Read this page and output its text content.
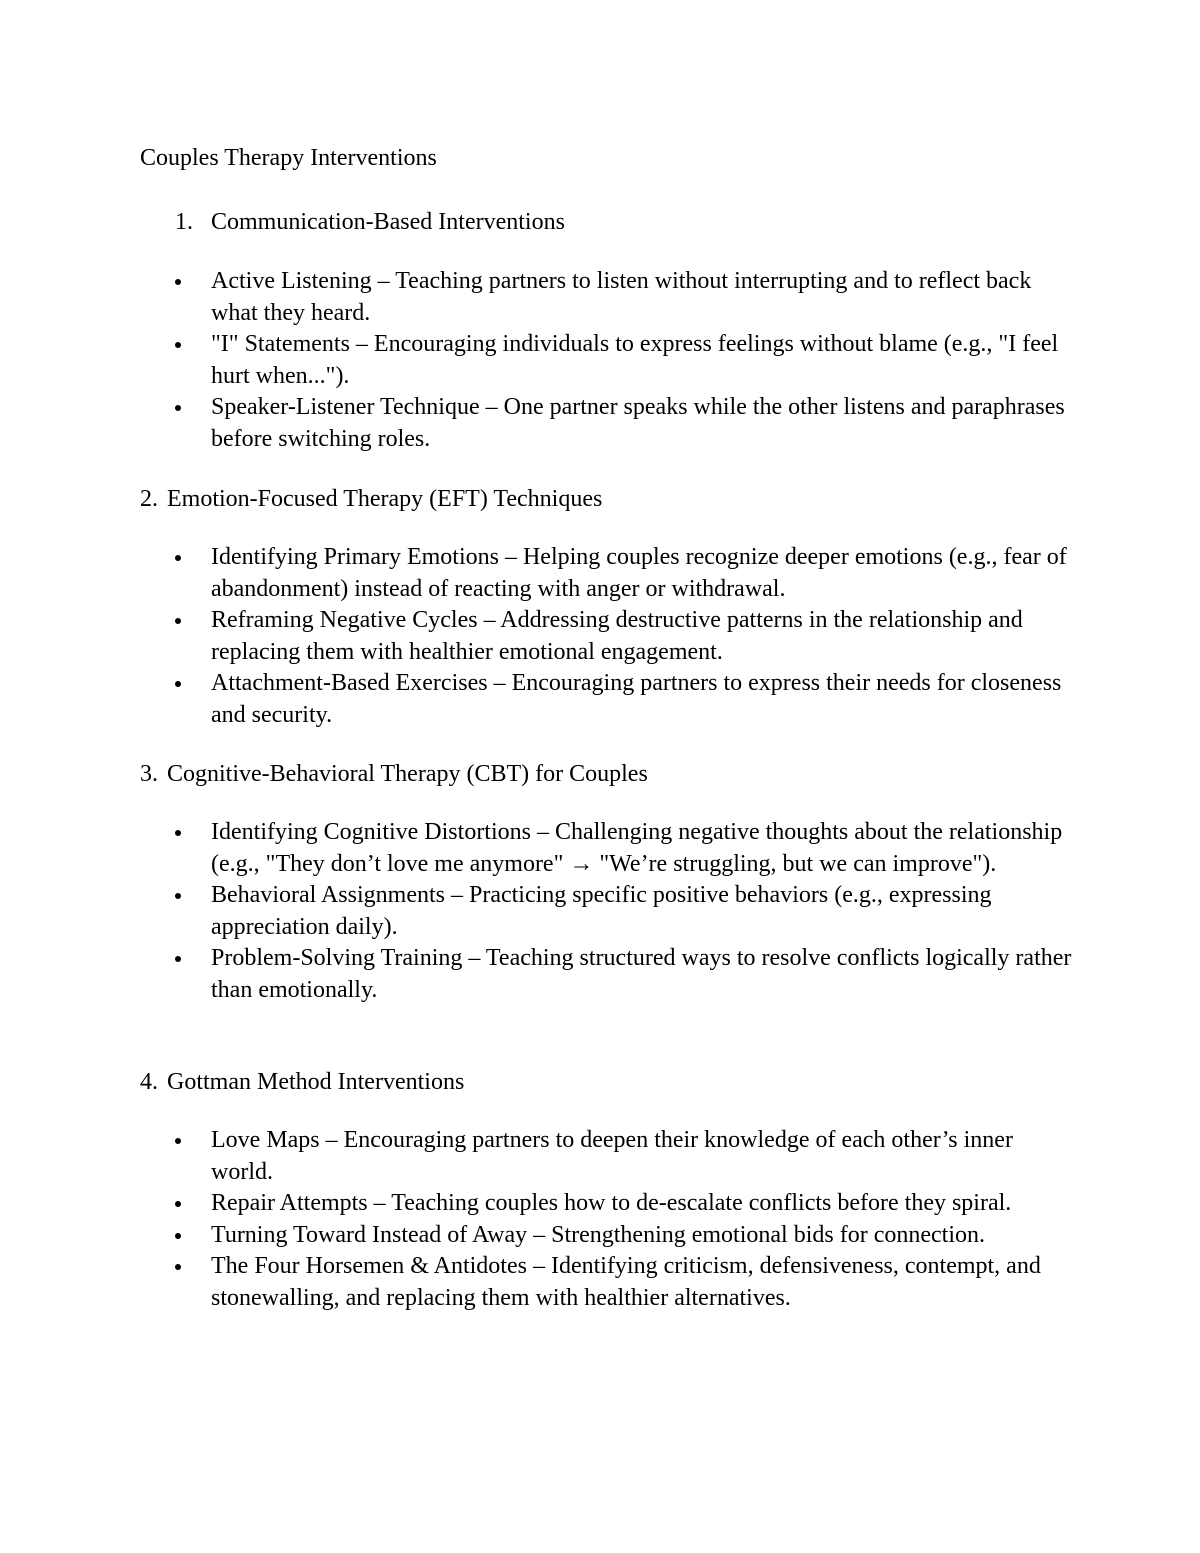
Couples Therapy Interventions
1. Communication-Based Interventions
Active Listening – Teaching partners to listen without interrupting and to reflect back what they heard.
"I" Statements – Encouraging individuals to express feelings without blame (e.g., "I feel hurt when...").
Speaker-Listener Technique – One partner speaks while the other listens and paraphrases before switching roles.
2. Emotion-Focused Therapy (EFT) Techniques
Identifying Primary Emotions – Helping couples recognize deeper emotions (e.g., fear of abandonment) instead of reacting with anger or withdrawal.
Reframing Negative Cycles – Addressing destructive patterns in the relationship and replacing them with healthier emotional engagement.
Attachment-Based Exercises – Encouraging partners to express their needs for closeness and security.
3. Cognitive-Behavioral Therapy (CBT) for Couples
Identifying Cognitive Distortions – Challenging negative thoughts about the relationship (e.g., "They don’t love me anymore" → "We’re struggling, but we can improve").
Behavioral Assignments – Practicing specific positive behaviors (e.g., expressing appreciation daily).
Problem-Solving Training – Teaching structured ways to resolve conflicts logically rather than emotionally.
4. Gottman Method Interventions
Love Maps – Encouraging partners to deepen their knowledge of each other’s inner world.
Repair Attempts – Teaching couples how to de-escalate conflicts before they spiral.
Turning Toward Instead of Away – Strengthening emotional bids for connection.
The Four Horsemen & Antidotes – Identifying criticism, defensiveness, contempt, and stonewalling, and replacing them with healthier alternatives.
